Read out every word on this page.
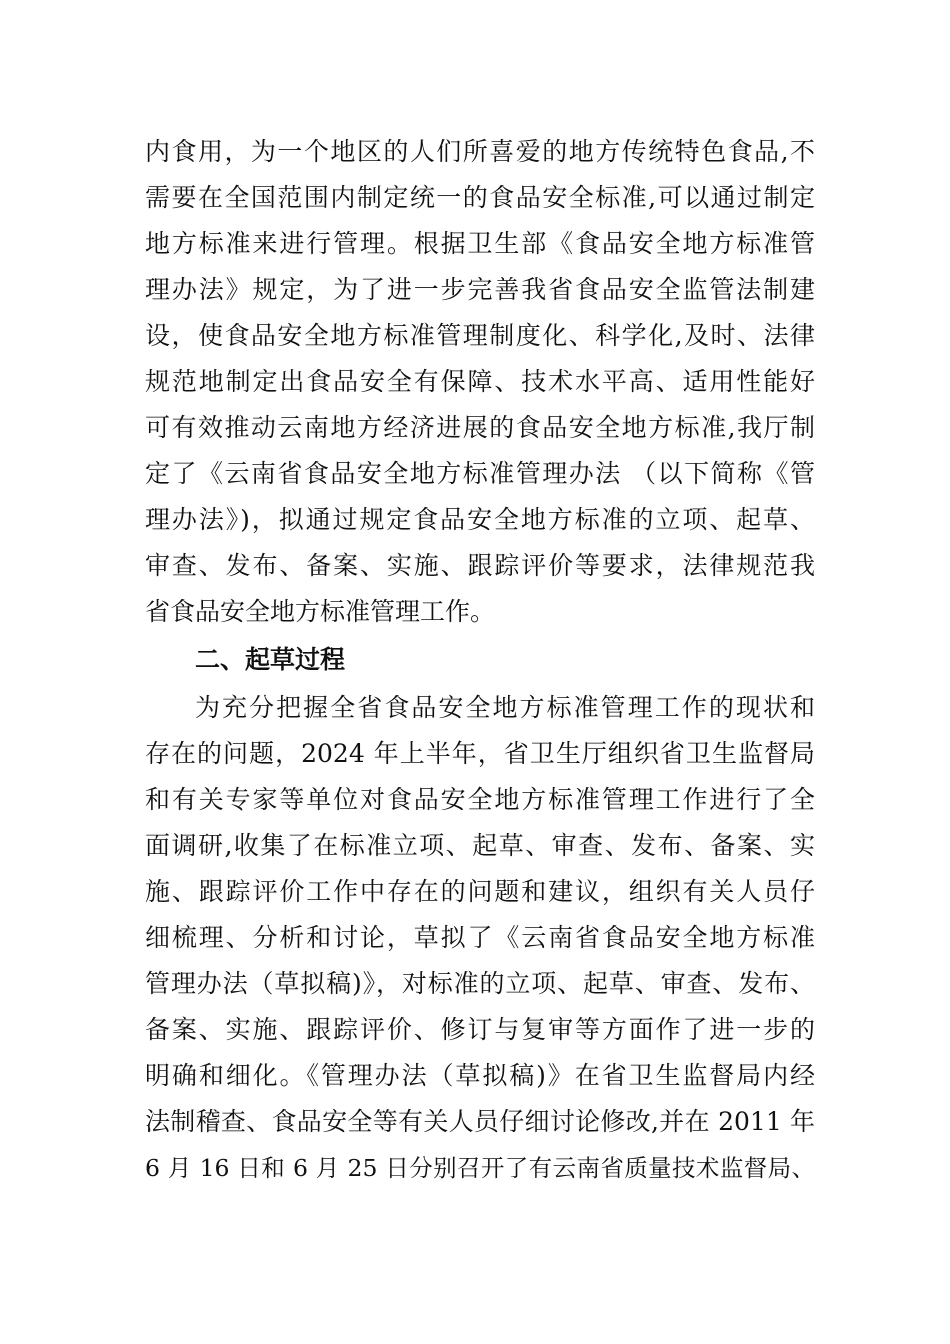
内食用，为一个地区的人们所喜爱的地方传统特色食品,不
需要在全国范围内制定统一的食品安全标准,可以通过制定
地方标准来进行管理。根据卫生部《食品安全地方标准管
理办法》规定，为了进一步完善我省食品安全监管法制建
设，使食品安全地方标准管理制度化、科学化,及时、法律
规范地制定出食品安全有保障、技术水平高、适用性能好
可有效推动云南地方经济进展的食品安全地方标准,我厅制
定了《云南省食品安全地方标准管理办法 （以下简称《管
理办法》)，拟通过规定食品安全地方标准的立项、起草、
审查、发布、备案、实施、跟踪评价等要求，法律规范我
省食品安全地方标准管理工作。
二、起草过程
为充分把握全省食品安全地方标准管理工作的现状和
存在的问题，2024 年上半年，省卫生厅组织省卫生监督局
和有关专家等单位对食品安全地方标准管理工作进行了全
面调研,收集了在标准立项、起草、审查、发布、备案、实
施、跟踪评价工作中存在的问题和建议，组织有关人员仔
细梳理、分析和讨论，草拟了《云南省食品安全地方标准
管理办法（草拟稿)》，对标准的立项、起草、审查、发布、
备案、实施、跟踪评价、修订与复审等方面作了进一步的
明确和细化。《管理办法（草拟稿)》在省卫生监督局内经
法制稽查、食品安全等有关人员仔细讨论修改,并在 2011 年
6 月 16 日和 6 月 25 日分别召开了有云南省质量技术监督局、
